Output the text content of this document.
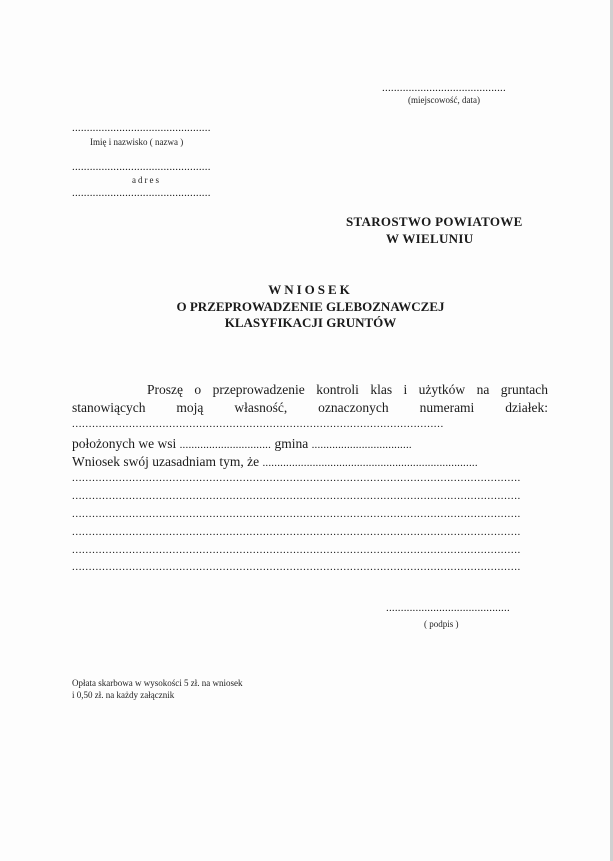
..........................................
(miejscowość, data)
...............................................
Imię i nazwisko ( nazwa )
...............................................
adres
...............................................
STAROSTWO POWIATOWE
W WIELUNIU
WNIOSEK
O PRZEPROWADZENIE GLEBOZNAWCZEJ
KLASYFIKACJI GRUNTÓW
Proszę o przeprowadzenie kontroli klas i użytków na gruntach
stanowiących moją własność, oznaczonych numerami działek:
...............................................................................................................
położonych we wsi ............................... gmina ..................................
Wniosek swój uzasadniam tym, że .........................................................................
......................................................................................................................................
......................................................................................................................................
......................................................................................................................................
......................................................................................................................................
......................................................................................................................................
......................................................................................................................................
..........................................
( podpis )
Opłata skarbowa w wysokości 5 zł. na wniosek
i 0,50 zł. na każdy załącznik
